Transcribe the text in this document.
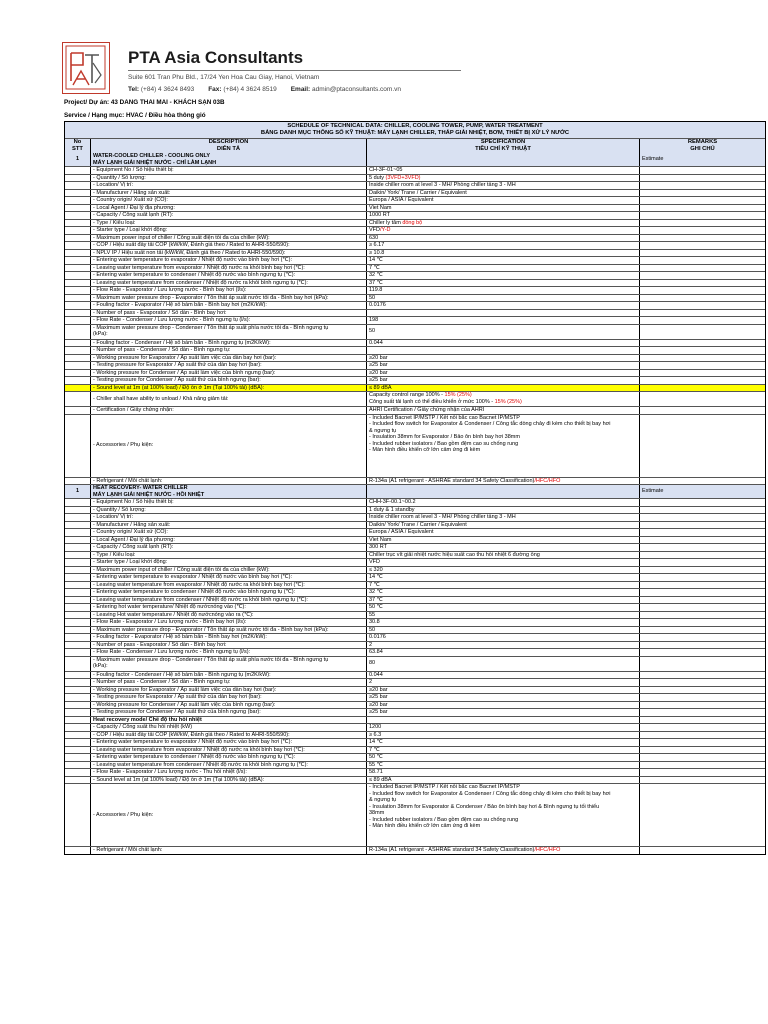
PTA Asia Consultants
Suite 601 Tran Phu Bld., 17/24 Yen Hoa Cau Giay, Hanoi, Vietnam
Tel: (+84) 4 3624 8493 Fax: (+84) 4 3624 8519 Email: admin@ptaconsultants.com.vn
Project/ Dự án: 43 DANG THAI MAI - KHÁCH SẠN 03B
Service / Hạng mục: HVAC / Điều hòa thông gió
SCHEDULE OF TECHNICAL DATA: CHILLER, COOLING TOWER, PUMP, WATER TREATMENT
BẢNG DANH MỤC THÔNG SỐ KỸ THUẬT: MÁY LẠNH CHILLER, THÁP GIẢI NHIỆT, BƠM, THIẾT BỊ XỬ LÝ NƯỚC
No
STT
DESCRIPTION
DIỄN TẢ
SPECIFICATION
TIÊU CHÍ KỸ THUẬT
REMARKS
GHI CHÚ
1
WATER-COOLED CHILLER - COOLING ONLY
MÁY LẠNH GIẢI NHIỆT NƯỚC - CHỈ LÀM LẠNH
Estimate
- Equipment No / Số hiệu thiết bị:	CH-3F-01~05
- Quantity / Số lượng:	5 duty (3VFD+3VFD)
- Location/ Vị trí:	Inside chiller room at level 3 - MH/ Phòng chiller tầng 3 - MH
- Manufacturer / Hãng sản xuất:	Daikin/ York/ Trane / Carrier / Equivalent
- Country origin/ Xuất xứ (CO):	Europa / ASIA / Equivalent
- Local Agent / Đại lý địa phương:	Viet Nam
- Capacity / Công suất lạnh (RT):	1000 RT
- Type / Kiểu loại:	Chiller ly tâm đồng bộ
- Starter type / Loại khởi động:	VFD/Y-D
- Maximum power input of chiller / Công suất điện tối đa của chiller (kW):	630
- COP / Hiệu suất đầy tải COP (kW/kW, Đánh giá theo / Rated to AHRI-550/590):	≥ 6.17
- NPLV IP / Hiệu suất non tải (kW/kW, Đánh giá theo / Rated to AHRI-550/590):	≥ 10.8
- Entering water temperature to evaporator / Nhiệt độ nước vào bình bay hơi (℃):	14 ℃
- Leaving water temperature from evaporator / Nhiệt độ nước ra khỏi bình bay hơi (℃):	7 ℃
- Entering water temperature to condenser / Nhiệt độ nước vào bình ngưng tụ (℃):	32 ℃
- Leaving water temperature from condenser / Nhiệt độ nước ra khỏi bình ngưng tụ (℃):	37 ℃
- Flow Rate - Evaporator / Lưu lượng nước - Bình bay hơi (l/s):	119.8
- Maximum water pressure drop - Evaporator / Tổn thất áp suất nước tối đa - Bình bay hơi (kPa):	50
- Fouling factor - Evaporator / Hệ số bám bẩn - Bình bay hơi (m2K/kW):	0.0176
- Number of pass - Evaporator / Số dàn - Bình bay hơi:
- Flow Rate - Condenser / Lưu lượng nước - Bình ngưng tụ (l/s):	198
- Maximum water pressure drop - Condenser / Tổn thất áp suất phía nước tối đa - Bình ngưng tụ
(kPa):	50
- Fouling factor - Condenser / Hệ số bám bẩn - Bình ngưng tụ (m2K/kW):	0.044
- Number of pass - Condenser / Số dàn - Bình ngưng tụ:
- Working pressure for Evaporator / Áp suất làm việc của dàn bay hơi (bar):	≥20 bar
- Testing pressure for Evaporator / Áp suất thử của dàn bay hơi (bar):	≥25 bar
- Working pressure for Condenser / Áp suất làm việc của bình ngưng (bar):	≥20 bar
- Testing pressure for Condenser / Áp suất thử của bình ngưng (bar):	≥25 bar
- Sound level at 1m (at 100% load) / Độ ồn ở 1m (Tại 100% tải) (dBA):	≤ 89 dBA
- Chiller shall have ability to unload / Khả năng giảm tải:
Capacity control range 100% - 15% (25%)
Công suất tải lạnh có thể điều khiển ở mức 100% - 15% (25%)
- Certification / Giấy chứng nhận:	AHRI Certification / Giấy chứng nhận của AHRI
- Accessories / Phụ kiện:
- Included Bacnet IP/MSTP / Kết nối bắc cao Bacnet IP/MSTP
- Included flow switch for Evaporator & Condenser / Công tắc dòng chảy đi kèm cho thiết bị bay hơi
& ngưng tụ
- Insulation 38mm for Evaporator / Bảo ôn bình bay hơi 38mm
- Included rubber isolators / Bao gồm đệm cao su chống rung
- Màn hình điều khiển cỡ lớn cảm ứng đi kèm
- Refrigerant / Môi chất lạnh:	R-134a (A1 refrigerant - ASHRAE standard 34 Safety Classification)/HFC/HFO
1
HEAT RECOVERY- WATER CHILLER
MÁY LẠNH GIẢI NHIỆT NƯỚC - HỒI NHIỆT
Estimate
- Equipment No / Số hiệu thiết bị:	CHH-3F-00.1~00.2
- Quantity / Số lượng:	1 duty & 1 standby
- Location/ Vị trí:	Inside chiller room at level 3 - MH/ Phòng chiller tầng 3 - MH
- Manufacturer / Hãng sản xuất:	Daikin/ York/ Trane / Carrier / Equivalent
- Country origin/ Xuất xứ (CO):	Europa / ASIA / Equivalent
- Local Agent / Đại lý địa phương:	Viet Nam
- Capacity / Công suất lạnh (RT):	300 RT
- Type / Kiểu loại:	Chiller trục vít giải nhiệt nước hiệu suất cao thu hồi nhiệt 6 đường ống
- Starter type / Loại khởi động:	VFD
- Maximum power input of chiller / Công suất điện tối đa của chiller (kW):	≤ 320
- Entering water temperature to evaporator / Nhiệt độ nước vào bình bay hơi (℃):	14 ℃
- Leaving water temperature from evaporator / Nhiệt độ nước ra khỏi bình bay hơi (℃):	7 ℃
- Entering water temperature to condenser / Nhiệt độ nước vào bình ngưng tụ (℃):	32 ℃
- Leaving water temperature from condenser / Nhiệt độ nước ra khỏi bình ngưng tụ (℃):	37 ℃
- Entering hot water temperature/ Nhiệt độ nướcnóng vào (℃):	50 ℃
- Leaving Hot water temperature / Nhiệt độ nướcnóng vào ra (℃):	55
- Flow Rate - Evaporator / Lưu lượng nước - Bình bay hơi (l/s):	30.8
- Maximum water pressure drop - Evaporator / Tổn thất áp suất nước tối đa - Bình bay hơi (kPa):	50
- Fouling factor - Evaporator / Hệ số bám bẩn - Bình bay hơi (m2K/kW):	0.0176
- Number of pass - Evaporator / Số dàn - Bình bay hơi:	2
- Flow Rate - Condenser / Lưu lượng nước - Bình ngưng tụ (l/s):	63.84
- Maximum water pressure drop - Condenser / Tổn thất áp suất phía nước tối đa - Bình ngưng tụ
(kPa):	80
- Fouling factor - Condenser / Hệ số bám bẩn - Bình ngưng tụ (m2K/kW):	0.044
- Number of pass - Condenser / Số dàn - Bình ngưng tụ:	2
- Working pressure for Evaporator / Áp suất làm việc của dàn bay hơi (bar):	≥20 bar
- Testing pressure for Evaporator / Áp suất thử của dàn bay hơi (bar):	≥25 bar
- Working pressure for Condenser / Áp suất làm việc của bình ngưng (bar):	≥20 bar
- Testing pressure for Condenser / Áp suất thử của bình ngưng (bar):	≥25 bar
Heat recovery mode/ Chế độ thu hồi nhiệt
- Capacity / Công suất thu hồi nhiệt (kW)	1200
- COP / Hiệu suất đầy tải COP (kW/kW, Đánh giá theo / Rated to AHRI-550/590):	≥ 6.3
- Entering water temperature to evaporator / Nhiệt độ nước vào bình bay hơi (℃):	14 ℃
- Leaving water temperature from evaporator / Nhiệt độ nước ra khỏi bình bay hơi (℃):	7 ℃
- Entering water temperature to condenser / Nhiệt độ nước vào bình ngưng tụ (℃):	50 ℃
- Leaving water temperature from condenser / Nhiệt độ nước ra khỏi bình ngưng tụ (℃):	55 ℃
- Flow Rate - Evaporator / Lưu lượng nước - Thu hồi nhiệt (l/s):	58.71
- Sound level at 1m (at 100% load) / Độ ồn ở 1m (Tại 100% tải) (dBA):	≤ 89 dBA
- Accessories / Phụ kiện:
- Included Bacnet IP/MSTP / Kết nối bắc cao Bacnet IP/MSTP
- Included flow switch for Evaporator & Condenser / Công tắc dòng chảy đi kèm cho thiết bị bay hơi
& ngưng tụ
- Insulation 38mm for Evaporator & Condenser / Bảo ôn bình bay hơi & Bình ngưng tụ tối thiểu
38mm
- Included rubber isolators / Bao gồm đệm cao su chống rung
- Màn hình điều khiển cỡ lớn cảm ứng đi kèm
- Refrigerant / Môi chất lạnh:	R-134a (A1 refrigerant - ASHRAE standard 34 Safety Classification)/HFC/HFO
